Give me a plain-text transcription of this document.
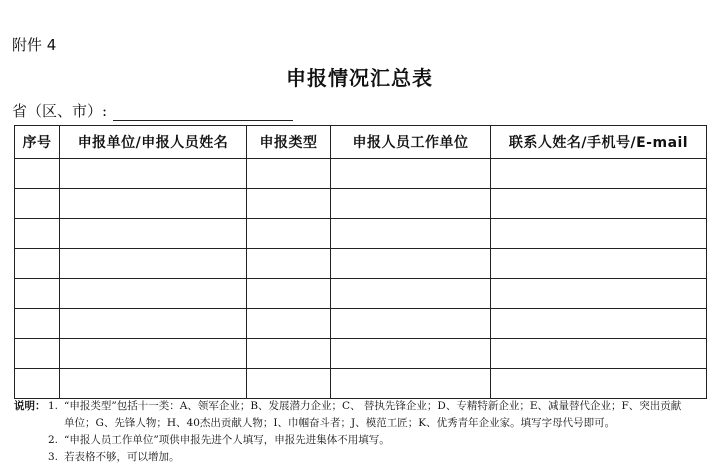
附件 4
申报情况汇总表
省（区、市）:
序号	申报单位/申报人员姓名	申报类型	申报人员工作单位	联系人姓名/手机号/E-mail

说明： 1. “申报类型”包括十一类：A、领军企业；B、发展潜力企业；C、 替执先锋企业；D、专精特新企业；E、减量替代企业；F、突出贡献
单位；G、先锋人物；H、40杰出贡献人物；I、巾帼奋斗者；J、模范工匠；K、优秀青年企业家。填写字母代号即可。
2. “申报人员工作单位”项供申报先进个人填写，申报先进集体不用填写。
3. 若表格不够，可以增加。
